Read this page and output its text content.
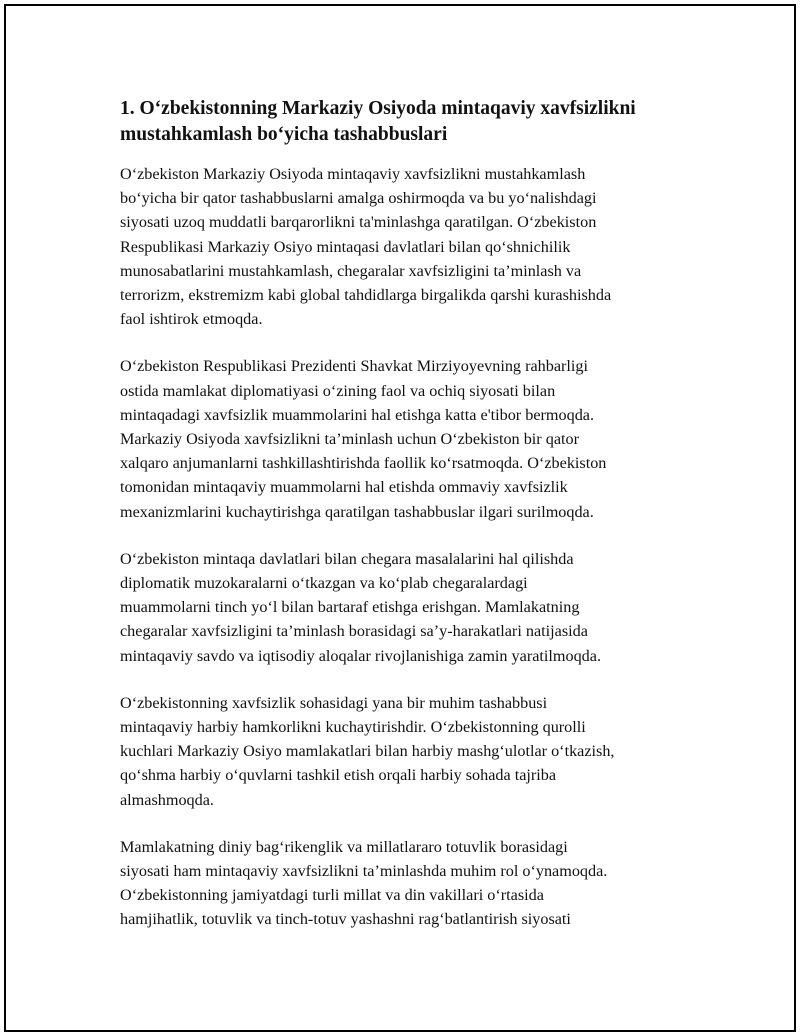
1. O‘zbekistonning Markaziy Osiyoda mintaqaviy xavfsizlikni
mustahkamlash bo‘yicha tashabbuslari

O‘zbekiston Markaziy Osiyoda mintaqaviy xavfsizlikni mustahkamlash
bo‘yicha bir qator tashabbuslarni amalga oshirmoqda va bu yo‘nalishdagi
siyosati uzoq muddatli barqarorlikni ta'minlashga qaratilgan. O‘zbekiston
Respublikasi Markaziy Osiyo mintaqasi davlatlari bilan qo‘shnichilik
munosabatlarini mustahkamlash, chegaralar xavfsizligini ta’minlash va
terrorizm, ekstremizm kabi global tahdidlarga birgalikda qarshi kurashishda
faol ishtirok etmoqda.

O‘zbekiston Respublikasi Prezidenti Shavkat Mirziyoyevning rahbarligi
ostida mamlakat diplomatiyasi o‘zining faol va ochiq siyosati bilan
mintaqadagi xavfsizlik muammolarini hal etishga katta e'tibor bermoqda.
Markaziy Osiyoda xavfsizlikni ta’minlash uchun O‘zbekiston bir qator
xalqaro anjumanlarni tashkillashtirishda faollik ko‘rsatmoqda. O‘zbekiston
tomonidan mintaqaviy muammolarni hal etishda ommaviy xavfsizlik
mexanizmlarini kuchaytirishga qaratilgan tashabbuslar ilgari surilmoqda.

O‘zbekiston mintaqa davlatlari bilan chegara masalalarini hal qilishda
diplomatik muzokaralarni o‘tkazgan va ko‘plab chegaralardagi
muammolarni tinch yo‘l bilan bartaraf etishga erishgan. Mamlakatning
chegaralar xavfsizligini ta’minlash borasidagi sa’y-harakatlari natijasida
mintaqaviy savdo va iqtisodiy aloqalar rivojlanishiga zamin yaratilmoqda.

O‘zbekistonning xavfsizlik sohasidagi yana bir muhim tashabbusi
mintaqaviy harbiy hamkorlikni kuchaytirishdir. O‘zbekistonning qurolli
kuchlari Markaziy Osiyo mamlakatlari bilan harbiy mashg‘ulotlar o‘tkazish,
qo‘shma harbiy o‘quvlarni tashkil etish orqali harbiy sohada tajriba
almashmoqda.

Mamlakatning diniy bag‘rikenglik va millatlararo totuvlik borasidagi
siyosati ham mintaqaviy xavfsizlikni ta’minlashda muhim rol o‘ynamoqda.
O‘zbekistonning jamiyatdagi turli millat va din vakillari o‘rtasida
hamjihatlik, totuvlik va tinch-totuv yashashni rag‘batlantirish siyosati
